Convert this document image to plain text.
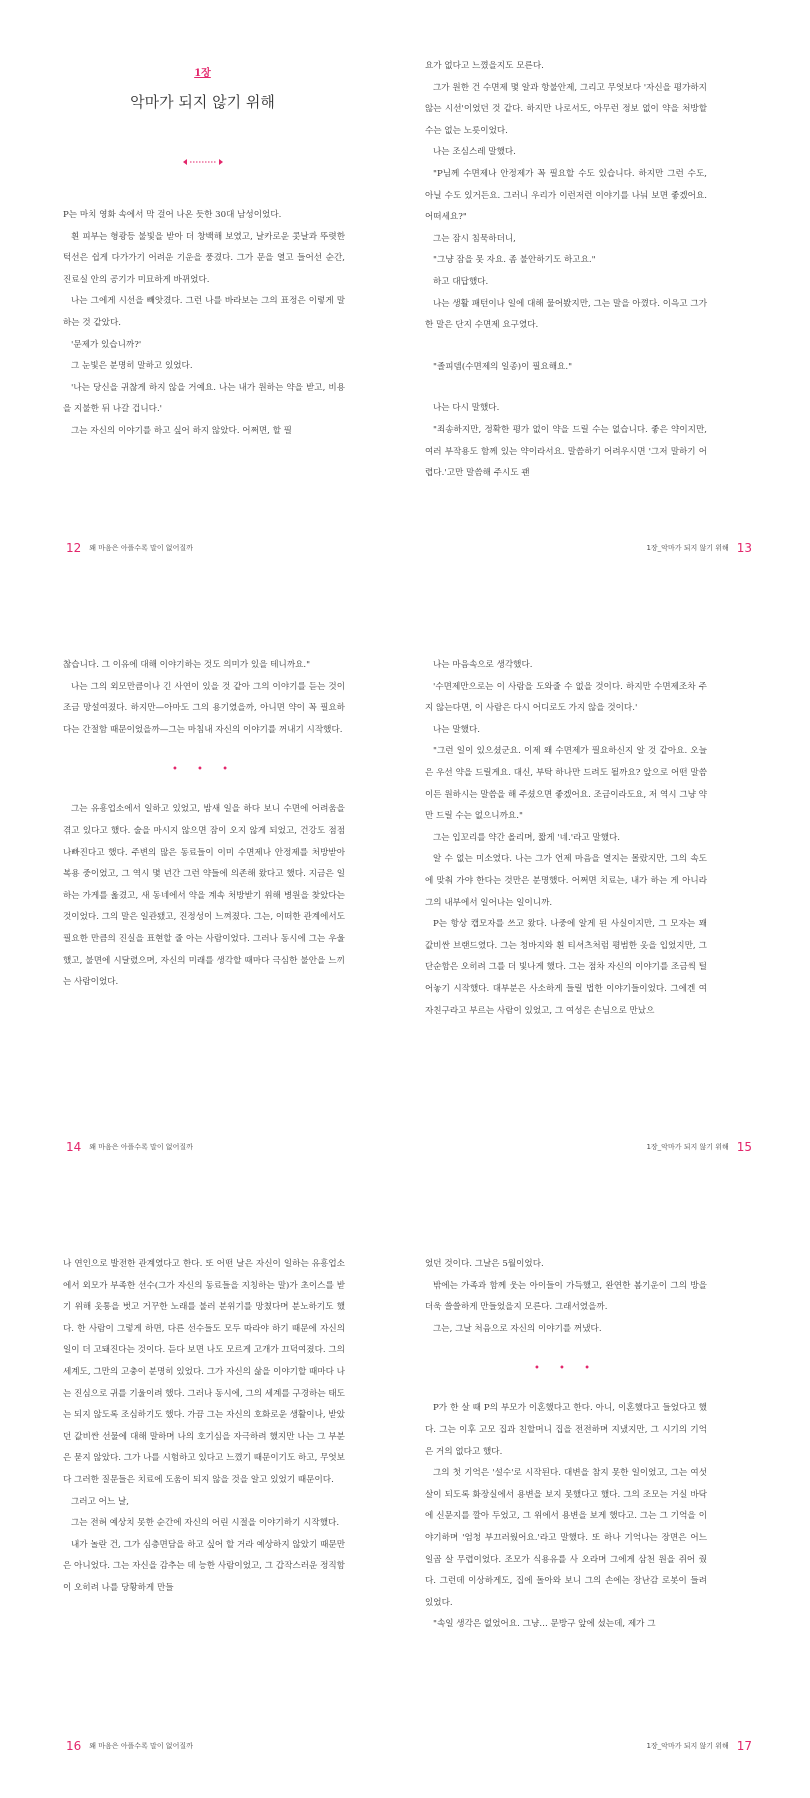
1장
악마가 되지 않기 위해

P는 마치 영화 속에서 막 걸어 나온 듯한 30대 남성이었다.

흰 피부는 형광등 불빛을 받아 더 창백해 보였고, 날카로운 콧날과 뚜렷한 턱선은 쉽게 다가가기 어려운 기운을 풍겼다. 그가 문을 열고 들어선 순간, 진료실 안의 공기가 미묘하게 바뀌었다.

나는 그에게 시선을 빼앗겼다. 그런 나를 바라보는 그의 표정은 이렇게 말하는 것 같았다.

'문제가 있습니까?'

그 눈빛은 분명히 말하고 있었다.

'나는 당신을 귀찮게 하지 않을 거예요. 나는 내가 원하는 약을 받고, 비용을 지불한 뒤 나갈 겁니다.'

그는 자신의 이야기를 하고 싶어 하지 않았다. 어쩌면, 할 필

12 왜 마음은 아플수록 말이 없어질까

요가 없다고 느꼈을지도 모른다.

그가 원한 건 수면제 몇 알과 항불안제, 그리고 무엇보다 '자신을 평가하지 않는 시선'이었던 것 같다. 하지만 나로서도, 아무런 정보 없이 약을 처방할 수는 없는 노릇이었다.

나는 조심스레 말했다.

"P님께 수면제나 안정제가 꼭 필요할 수도 있습니다. 하지만 그런 수도, 아닐 수도 있거든요. 그러니 우리가 이런저런 이야기를 나눠 보면 좋겠어요. 어떠세요?"

그는 잠시 침묵하더니,

"그냥 잠을 못 자요. 좀 불안하기도 하고요."

하고 대답했다.

나는 생활 패턴이나 일에 대해 물어봤지만, 그는 말을 아꼈다. 이윽고 그가 한 말은 단지 수면제 요구였다.

"졸피뎀(수면제의 일종)이 필요해요."

나는 다시 말했다.

"죄송하지만, 정확한 평가 없이 약을 드릴 수는 없습니다. 좋은 약이지만, 여러 부작용도 함께 있는 약이라서요. 말씀하기 어려우시면 '그저 말하기 어렵다.'고만 말씀해 주시도 괜

1장_악마가 되지 않기 위해 13

찮습니다. 그 이유에 대해 이야기하는 것도 의미가 있을 테니까요."

나는 그의 외모만큼이나 긴 사연이 있을 것 같아 그의 이야기를 듣는 것이 조금 망설여졌다. 하지만—아마도 그의 용기였을까, 아니면 약이 꼭 필요하다는 간절함 때문이었을까—그는 마침내 자신의 이야기를 꺼내기 시작했다.

• • •

그는 유흥업소에서 일하고 있었고, 밤새 일을 하다 보니 수면에 어려움을 겪고 있다고 했다. 술을 마시지 않으면 잠이 오지 않게 되었고, 건강도 점점 나빠진다고 했다. 주변의 많은 동료들이 이미 수면제나 안정제를 처방받아 복용 중이었고, 그 역시 몇 년간 그런 약들에 의존해 왔다고 했다. 지금은 일하는 가게를 옮겼고, 새 동네에서 약을 계속 처방받기 위해 병원을 찾았다는 것이었다. 그의 말은 일관됐고, 진정성이 느껴졌다. 그는, 이떠한 관계에서도 필요한 만큼의 진실을 표현할 줄 아는 사람이었다. 그러나 동시에 그는 우울했고, 불면에 시달렸으며, 자신의 미래를 생각할 때마다 극심한 불안을 느끼는 사람이었다.

14 왜 마음은 아플수록 말이 없어질까

나는 마음속으로 생각했다.

'수면제만으로는 이 사람을 도와줄 수 없을 것이다. 하지만 수면제조차 주지 않는다면, 이 사람은 다시 어디로도 가지 않을 것이다.'

나는 말했다.

"그런 일이 있으셨군요. 이제 왜 수면제가 필요하신지 알 것 같아요. 오늘은 우선 약을 드릴게요. 대신, 부탁 하나만 드려도 될까요? 앞으로 어떤 말씀이든 원하시는 말씀을 해 주셨으면 좋겠어요. 조금이라도요, 저 역시 그냥 약만 드릴 수는 없으니까요."

그는 입꼬리를 약간 올리며, 짧게 '네.'라고 말했다.

알 수 없는 미소였다. 나는 그가 언제 마음을 열지는 몰랐지만, 그의 속도에 맞춰 가야 한다는 것만은 분명했다. 어쩌면 치료는, 내가 하는 게 아니라 그의 내부에서 일어나는 일이니까.

P는 항상 캡모자를 쓰고 왔다. 나중에 알게 된 사실이지만, 그 모자는 꽤 값비싼 브랜드였다. 그는 청바지와 흰 티셔츠처럼 평범한 옷을 입었지만, 그 단순함은 오히려 그를 더 빛나게 했다. 그는 점차 자신의 이야기를 조금씩 털어놓기 시작했다. 대부분은 사소하게 들릴 법한 이야기들이었다. 그에겐 여자친구라고 부르는 사람이 있었고, 그 여성은 손님으로 만났으

1장_악마가 되지 않기 위해 15

나 연인으로 발전한 관계였다고 한다. 또 어떤 날은 자신이 일하는 유흥업소에서 외모가 부족한 선수(그가 자신의 동료들을 지칭하는 말)가 초이스를 받기 위해 옷통을 벗고 거꾸한 노래를 불러 분위기를 망쳤다며 분노하기도 했다. 한 사람이 그렇게 하면, 다른 선수들도 모두 따라야 하기 때문에 자신의 일이 더 고돼진다는 것이다. 듣다 보면 나도 모르게 고개가 끄덕여졌다. 그의 세계도, 그만의 고충이 분명히 있었다. 그가 자신의 삶을 이야기할 때마다 나는 진심으로 귀를 기울이려 했다. 그러나 동시에, 그의 세계를 구경하는 태도는 되지 않도록 조심하기도 했다. 가끔 그는 자신의 호화로운 생활이나, 받았던 값비싼 선물에 대해 말하며 나의 호기심을 자극하려 했지만 나는 그 부분은 묻지 않았다. 그가 나를 시험하고 있다고 느꼈기 때문이기도 하고, 무엇보다 그러한 질문들은 치료에 도움이 되지 않을 것을 알고 있었기 때문이다.

그러고 어느 날,

그는 전혀 예상치 못한 순간에 자신의 어린 시절을 이야기하기 시작했다.

내가 놀란 건, 그가 심층면담을 하고 싶어 할 거라 예상하지 않았기 때문만은 아니었다. 그는 자신을 감추는 데 능한 사람이었고, 그 갑작스러운 정직함이 오히려 나를 당황하게 만들

16 왜 마음은 아플수록 말이 없어질까

었던 것이다. 그날은 5월이었다.

밖에는 가족과 함께 웃는 아이들이 가득했고, 완연한 봄기운이 그의 방을 더욱 쓸쓸하게 만들었을지 모른다. 그래서였을까.

그는, 그날 처음으로 자신의 이야기를 꺼냈다.

• • •

P가 한 살 때 P의 부모가 이혼했다고 한다. 아니, 이혼했다고 들었다고 했다. 그는 이후 고모 집과 친할머니 집을 전전하며 지냈지만, 그 시기의 기억은 거의 없다고 했다.

그의 첫 기억은 '설수'로 시작된다. 대변을 참지 못한 일이었고, 그는 여섯 살이 되도록 화장실에서 용변을 보지 못했다고 했다. 그의 조모는 거실 바닥에 신문지를 깔아 두었고, 그 위에서 용변을 보게 했다고. 그는 그 기억을 이야기하며 '엄청 부끄러웠어요.'라고 말했다. 또 하나 기억나는 장면은 어느 일곱 살 무렵이었다. 조모가 식용유를 사 오라며 그에게 삼천 원을 쥐어 줬다. 그런데 이상하게도, 집에 돌아와 보니 그의 손에는 장난감 로봇이 들려 있었다.

"속일 생각은 없었어요. 그냥… 문방구 앞에 섰는데, 제가 그

1장_악마가 되지 않기 위해 17
